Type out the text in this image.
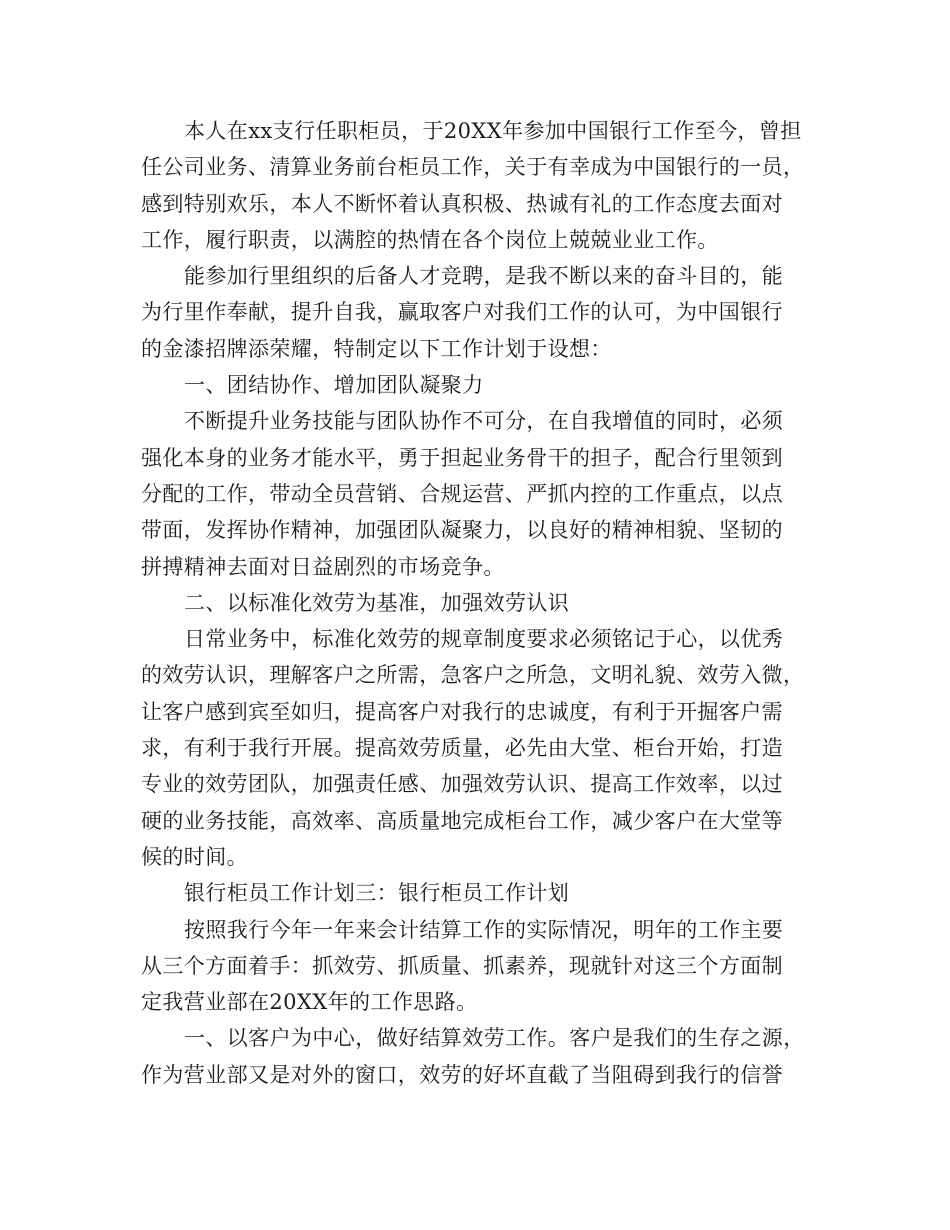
本人在xx支行任职柜员，于20XX年参加中国银行工作至今，曾担
任公司业务、清算业务前台柜员工作，关于有幸成为中国银行的一员，
感到特别欢乐，本人不断怀着认真积极、热诚有礼的工作态度去面对
工作，履行职责，以满腔的热情在各个岗位上兢兢业业工作。
能参加行里组织的后备人才竞聘，是我不断以来的奋斗目的，能
为行里作奉献，提升自我，赢取客户对我们工作的认可，为中国银行
的金漆招牌添荣耀，特制定以下工作计划于设想：
一、团结协作、增加团队凝聚力
不断提升业务技能与团队协作不可分，在自我增值的同时，必须
强化本身的业务才能水平，勇于担起业务骨干的担子，配合行里领到
分配的工作，带动全员营销、合规运营、严抓内控的工作重点，以点
带面，发挥协作精神，加强团队凝聚力，以良好的精神相貌、坚韧的
拼搏精神去面对日益剧烈的市场竞争。
二、以标准化效劳为基准，加强效劳认识
日常业务中，标准化效劳的规章制度要求必须铭记于心，以优秀
的效劳认识，理解客户之所需，急客户之所急，文明礼貌、效劳入微，
让客户感到宾至如归，提高客户对我行的忠诚度，有利于开掘客户需
求，有利于我行开展。提高效劳质量，必先由大堂、柜台开始，打造
专业的效劳团队，加强责任感、加强效劳认识、提高工作效率，以过
硬的业务技能，高效率、高质量地完成柜台工作，减少客户在大堂等
候的时间。
银行柜员工作计划三：银行柜员工作计划
按照我行今年一年来会计结算工作的实际情况，明年的工作主要
从三个方面着手：抓效劳、抓质量、抓素养，现就针对这三个方面制
定我营业部在20XX年的工作思路。
一、以客户为中心，做好结算效劳工作。客户是我们的生存之源，
作为营业部又是对外的窗口，效劳的好坏直截了当阻碍到我行的信誉
